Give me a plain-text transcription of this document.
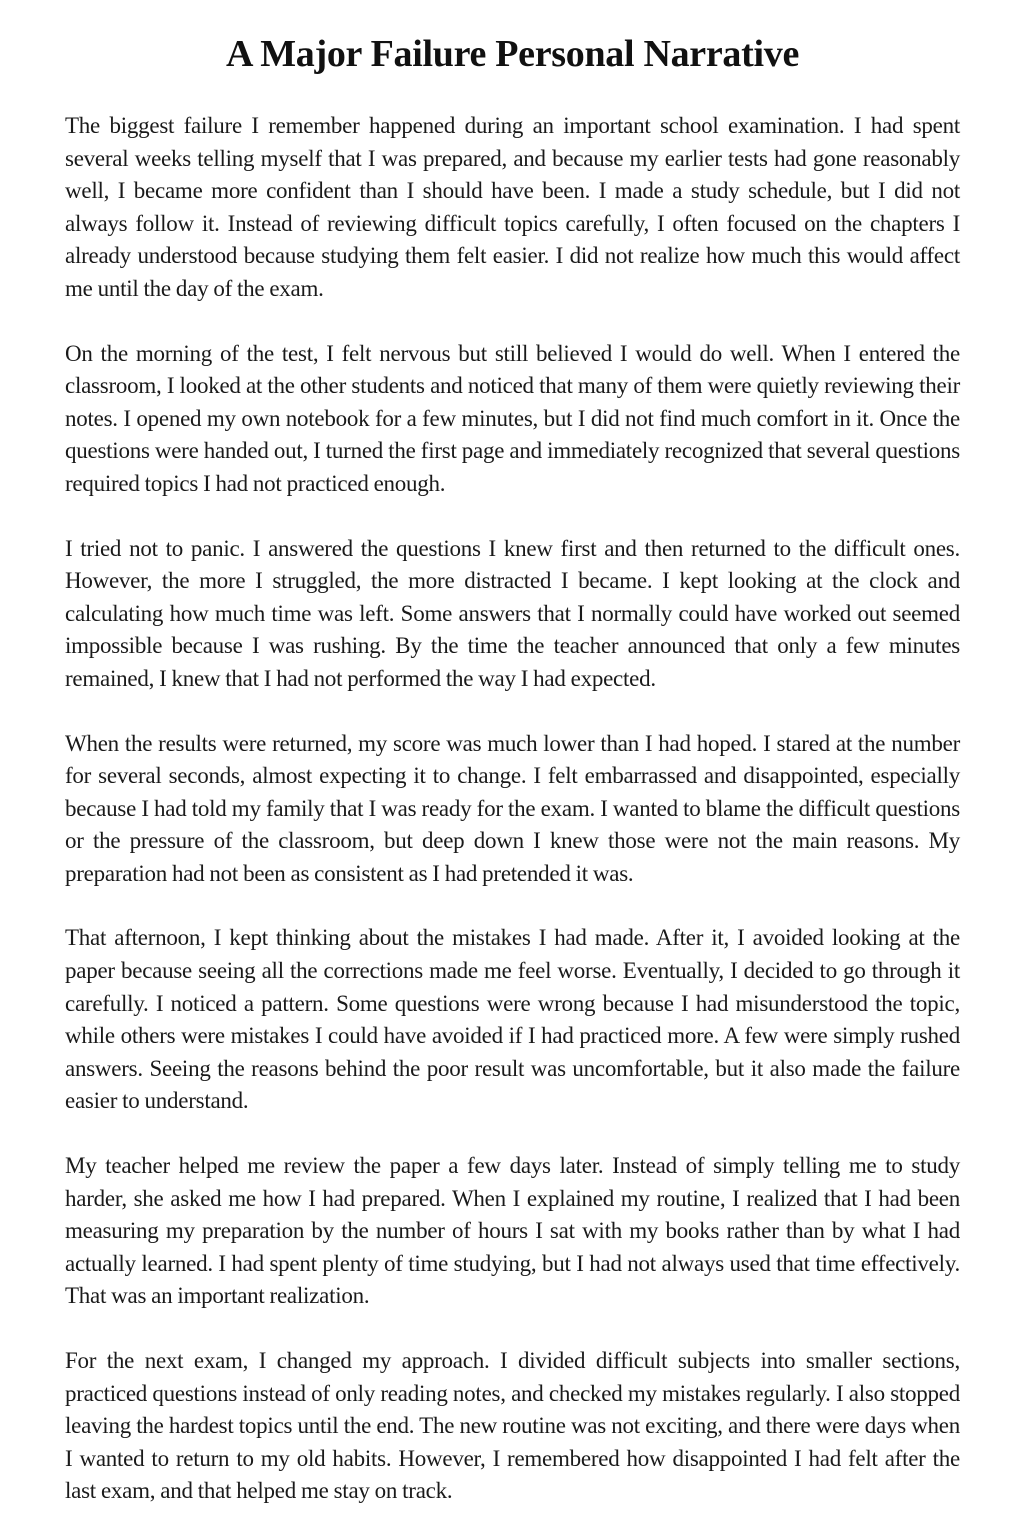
A Major Failure Personal Narrative

The biggest failure I remember happened during an important school examination. I had spent several weeks telling myself that I was prepared, and because my earlier tests had gone reasonably well, I became more confident than I should have been. I made a study schedule, but I did not always follow it. Instead of reviewing difficult topics carefully, I often focused on the chapters I already understood because studying them felt easier. I did not realize how much this would affect me until the day of the exam.

On the morning of the test, I felt nervous but still believed I would do well. When I entered the classroom, I looked at the other students and noticed that many of them were quietly reviewing their notes. I opened my own notebook for a few minutes, but I did not find much comfort in it. Once the questions were handed out, I turned the first page and immediately recognized that several questions required topics I had not practiced enough.

I tried not to panic. I answered the questions I knew first and then returned to the difficult ones. However, the more I struggled, the more distracted I became. I kept looking at the clock and calculating how much time was left. Some answers that I normally could have worked out seemed impossible because I was rushing. By the time the teacher announced that only a few minutes remained, I knew that I had not performed the way I had expected.

When the results were returned, my score was much lower than I had hoped. I stared at the number for several seconds, almost expecting it to change. I felt embarrassed and disappointed, especially because I had told my family that I was ready for the exam. I wanted to blame the difficult questions or the pressure of the classroom, but deep down I knew those were not the main reasons. My preparation had not been as consistent as I had pretended it was.

That afternoon, I kept thinking about the mistakes I had made. After it, I avoided looking at the paper because seeing all the corrections made me feel worse. Eventually, I decided to go through it carefully. I noticed a pattern. Some questions were wrong because I had misunderstood the topic, while others were mistakes I could have avoided if I had practiced more. A few were simply rushed answers. Seeing the reasons behind the poor result was uncomfortable, but it also made the failure easier to understand.

My teacher helped me review the paper a few days later. Instead of simply telling me to study harder, she asked me how I had prepared. When I explained my routine, I realized that I had been measuring my preparation by the number of hours I sat with my books rather than by what I had actually learned. I had spent plenty of time studying, but I had not always used that time effectively. That was an important realization.

For the next exam, I changed my approach. I divided difficult subjects into smaller sections, practiced questions instead of only reading notes, and checked my mistakes regularly. I also stopped leaving the hardest topics until the end. The new routine was not exciting, and there were days when I wanted to return to my old habits. However, I remembered how disappointed I had felt after the last exam, and that helped me stay on track.
